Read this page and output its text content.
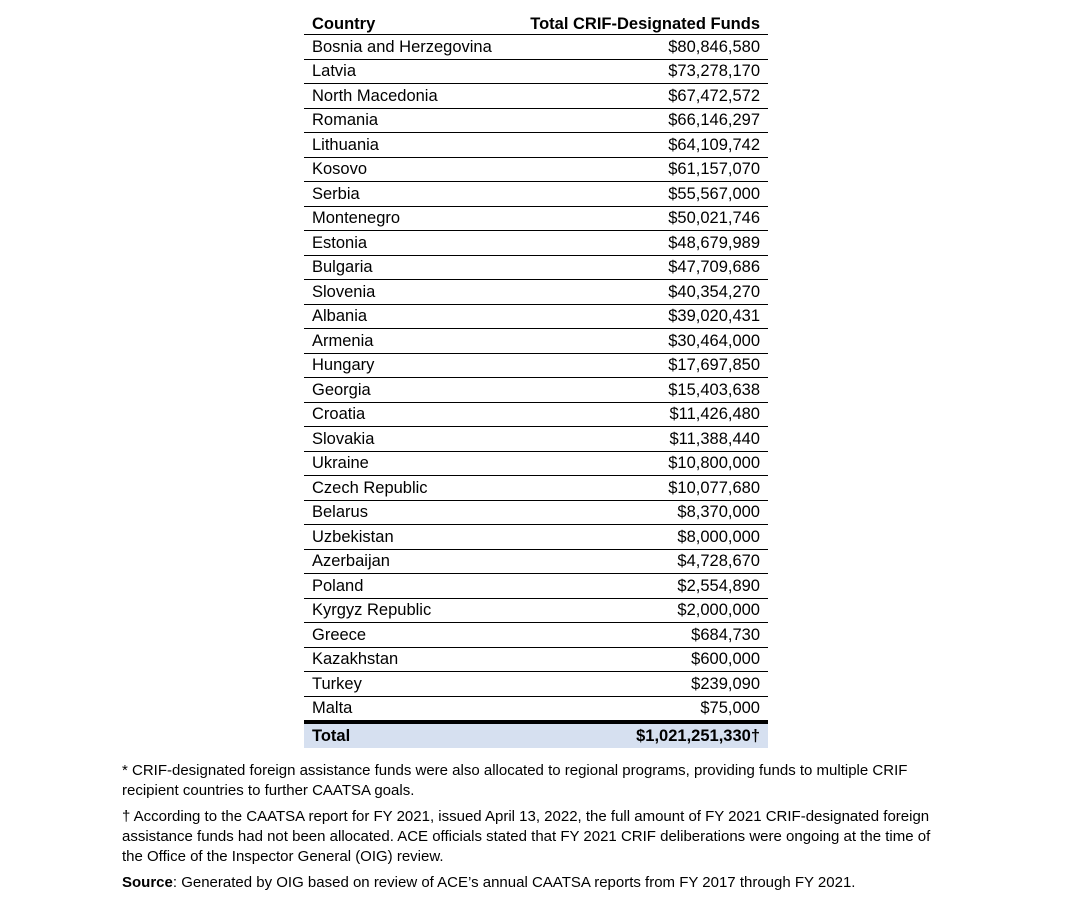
Country	Total CRIF-Designated Funds
Bosnia and Herzegovina	$80,846,580
Latvia	$73,278,170
North Macedonia	$67,472,572
Romania	$66,146,297
Lithuania	$64,109,742
Kosovo	$61,157,070
Serbia	$55,567,000
Montenegro	$50,021,746
Estonia	$48,679,989
Bulgaria	$47,709,686
Slovenia	$40,354,270
Albania	$39,020,431
Armenia	$30,464,000
Hungary	$17,697,850
Georgia	$15,403,638
Croatia	$11,426,480
Slovakia	$11,388,440
Ukraine	$10,800,000
Czech Republic	$10,077,680
Belarus	$8,370,000
Uzbekistan	$8,000,000
Azerbaijan	$4,728,670
Poland	$2,554,890
Kyrgyz Republic	$2,000,000
Greece	$684,730
Kazakhstan	$600,000
Turkey	$239,090
Malta	$75,000
Total	$1,021,251,330†

* CRIF-designated foreign assistance funds were also allocated to regional programs, providing funds to multiple CRIF recipient countries to further CAATSA goals.

† According to the CAATSA report for FY 2021, issued April 13, 2022, the full amount of FY 2021 CRIF-designated foreign assistance funds had not been allocated. ACE officials stated that FY 2021 CRIF deliberations were ongoing at the time of the Office of the Inspector General (OIG) review.

Source: Generated by OIG based on review of ACE’s annual CAATSA reports from FY 2017 through FY 2021.
